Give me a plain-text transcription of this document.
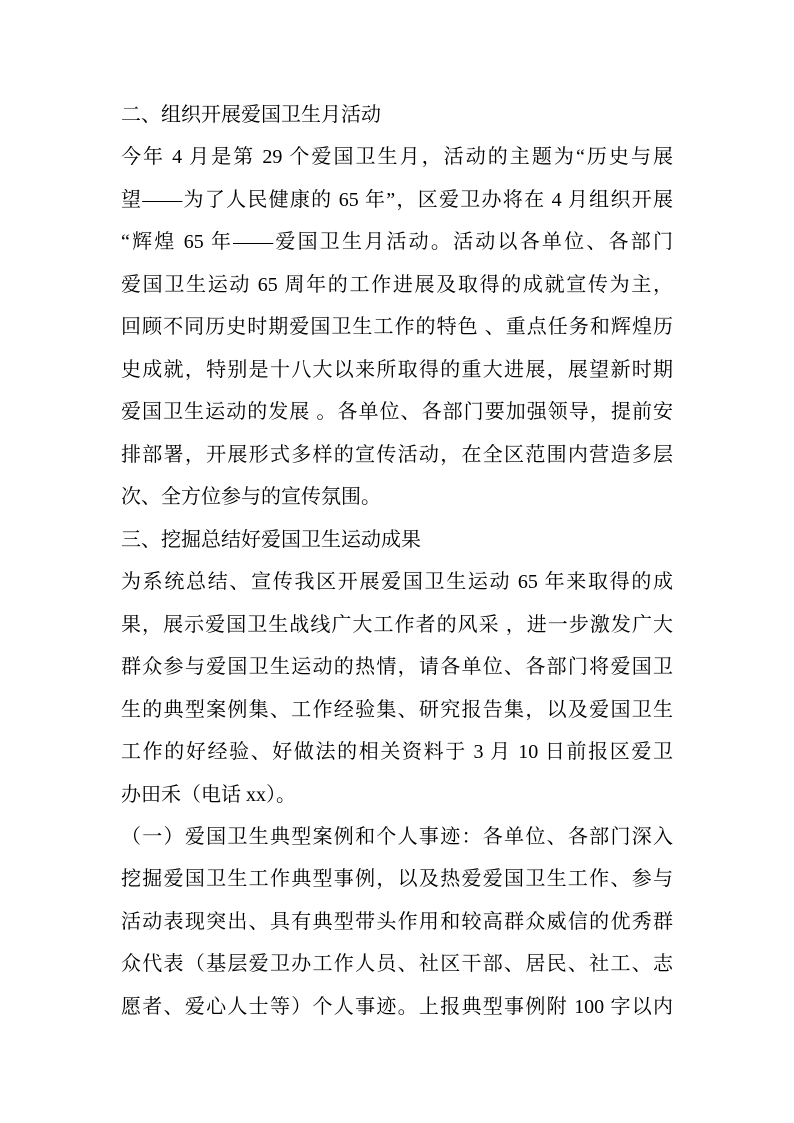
二、组织开展爱国卫生月活动
今年 4 月是第 29 个爱国卫生月，活动的主题为“历史与展
望——为了人民健康的 65 年”，区爱卫办将在 4 月组织开展
“辉煌 65 年——爱国卫生月活动。活动以各单位、各部门
爱国卫生运动 65 周年的工作进展及取得的成就宣传为主，
回顾不同历史时期爱国卫生工作的特色 、重点任务和辉煌历
史成就，特别是十八大以来所取得的重大进展，展望新时期
爱国卫生运动的发展 。各单位、各部门要加强领导，提前安
排部署，开展形式多样的宣传活动，在全区范围内营造多层
次、全方位参与的宣传氛围。
三、挖掘总结好爱国卫生运动成果
为系统总结、宣传我区开展爱国卫生运动 65 年来取得的成
果，展示爱国卫生战线广大工作者的风采 ，进一步激发广大
群众参与爱国卫生运动的热情，请各单位、各部门将爱国卫
生的典型案例集、工作经验集、研究报告集，以及爱国卫生
工作的好经验、好做法的相关资料于 3 月 10 日前报区爱卫
办田禾（电话 xx）。
（一）爱国卫生典型案例和个人事迹：各单位、各部门深入
挖掘爱国卫生工作典型事例，以及热爱爱国卫生工作、参与
活动表现突出、具有典型带头作用和较高群众威信的优秀群
众代表（基层爱卫办工作人员、社区干部、居民、社工、志
愿者、爱心人士等）个人事迹。上报典型事例附 100 字以内
